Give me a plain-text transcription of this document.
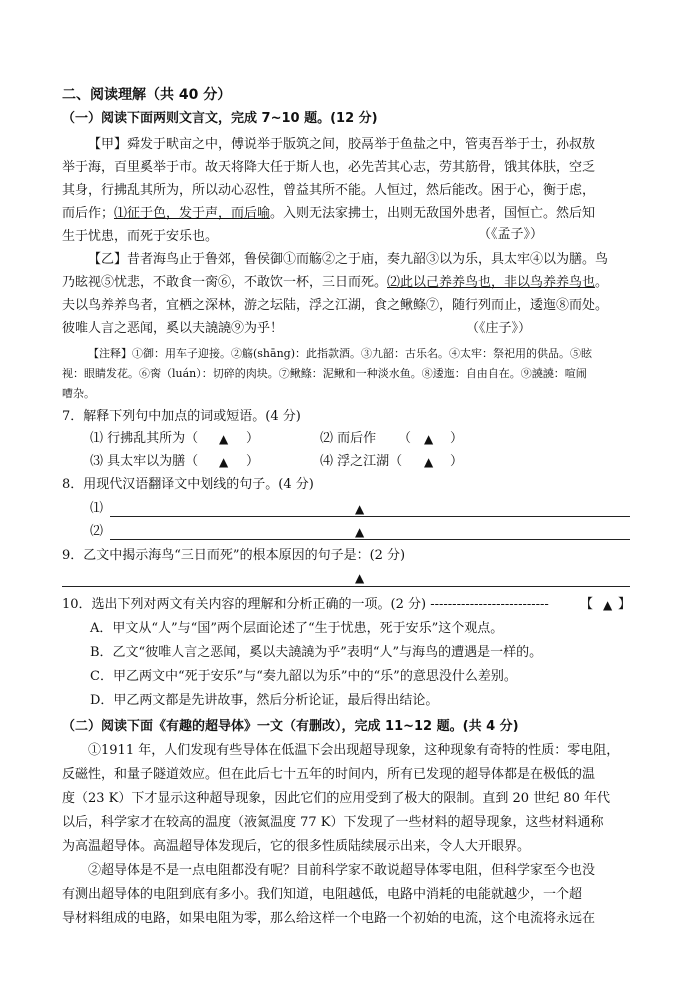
二、阅读理解（共 40 分）
（一）阅读下面两则文言文，完成 7~10 题。(12 分)
【甲】舜发于畎亩之中，傅说举于版筑之间，胶鬲举于鱼盐之中，管夷吾举于士，孙叔敖
举于海，百里奚举于市。故天将降大任于斯人也，必先苦其心志，劳其筋骨，饿其体肤，空乏
其身，行拂乱其所为，所以动心忍性，曾益其所不能。人恒过，然后能改。困于心，衡于虑，
而后作；⑴征于色，发于声，而后喻。入则无法家拂士，出则无敌国外患者，国恒亡。然后知
生于忧患，而死于安乐也。	（《孟子》）
【乙】昔者海鸟止于鲁郊，鲁侯御①而觞②之于庙，奏九韶③以为乐，具太牢④以为膳。鸟
乃眩视⑤忧悲，不敢食一脔⑥，不敢饮一杯，三日而死。⑵此以己养养鸟也，非以鸟养养鸟也。
夫以鸟养养鸟者，宜栖之深林，游之坛陆，浮之江湖，食之鳅鲦⑦，随行列而止，逶迤⑧而处。
彼唯人言之恶闻，奚以夫譊譊⑨为乎！	（《庄子》）
【注释】①御：用车子迎接。②觞(shāng)：此指款酒。③九韶：古乐名。④太牢：祭祀用的供品。⑤眩
视：眼睛发花。⑥脔（luán）：切碎的肉块。⑦鳅鲦：泥鳅和一种淡水鱼。⑧逶迤：自由自在。⑨譊譊：喧闹
嘈杂。
7．解释下列句中加点的词或短语。(4 分)
⑴ 行拂乱其所为（ ▲ ）	⑵ 而后作 （ ▲ ）
⑶ 具太牢以为膳（ ▲ ）	⑷ 浮之江湖（ ▲ ）
8．用现代汉语翻译文中划线的句子。(4 分)
⑴	▲
⑵	▲
9．乙文中揭示海鸟“三日而死”的根本原因的句子是：(2 分)
▲
10．选出下列对两文有关内容的理解和分析正确的一项。(2 分) --------------------------- 【 ▲ 】
A．甲文从“人”与“国”两个层面论述了“生于忧患，死于安乐”这个观点。
B．乙文“彼唯人言之恶闻，奚以夫譊譊为乎”表明“人”与海鸟的遭遇是一样的。
C．甲乙两文中“死于安乐”与“奏九韶以为乐”中的“乐”的意思没什么差别。
D．甲乙两文都是先讲故事，然后分析论证，最后得出结论。
（二）阅读下面《有趣的超导体》一文（有删改），完成 11~12 题。(共 4 分)
①1911 年，人们发现有些导体在低温下会出现超导现象，这种现象有奇特的性质：零电阻，
反磁性，和量子隧道效应。但在此后七十五年的时间内，所有已发现的超导体都是在极低的温
度（23 K）下才显示这种超导现象，因此它们的应用受到了极大的限制。直到 20 世纪 80 年代
以后，科学家才在较高的温度（液氮温度 77 K）下发现了一些材料的超导现象，这些材料通称
为高温超导体。高温超导体发现后，它的很多性质陆续展示出来，令人大开眼界。
②超导体是不是一点电阻都没有呢？目前科学家不敢说超导体零电阻，但科学家至今也没
有测出超导体的电阻到底有多小。我们知道，电阻越低，电路中消耗的电能就越少，一个超
导材料组成的电路，如果电阻为零，那么给这样一个电路一个初始的电流，这个电流将永远在
